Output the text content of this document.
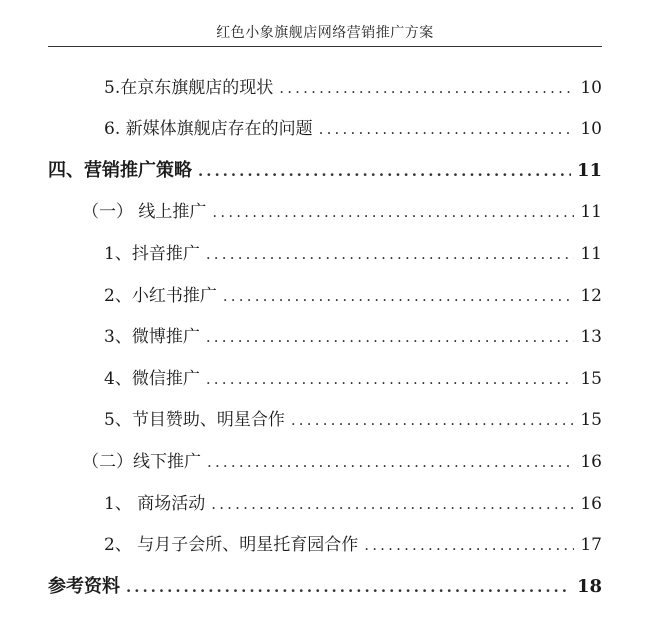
红色小象旗舰店网络营销推广方案
5.在京东旗舰店的现状 .....	10
6. 新媒体旗舰店存在的问题 .....	10
四、营销推广策略 .....	11
（一） 线上推广 .....	11
1、抖音推广 .....	11
2、小红书推广 .....	12
3、微博推广 .....	13
4、微信推广 .....	15
5、节目赞助、明星合作 .....	15
（二）线下推广 .....	16
1、 商场活动 .....	16
2、 与月子会所、明星托育园合作 .....	17
参考资料 .....	18
